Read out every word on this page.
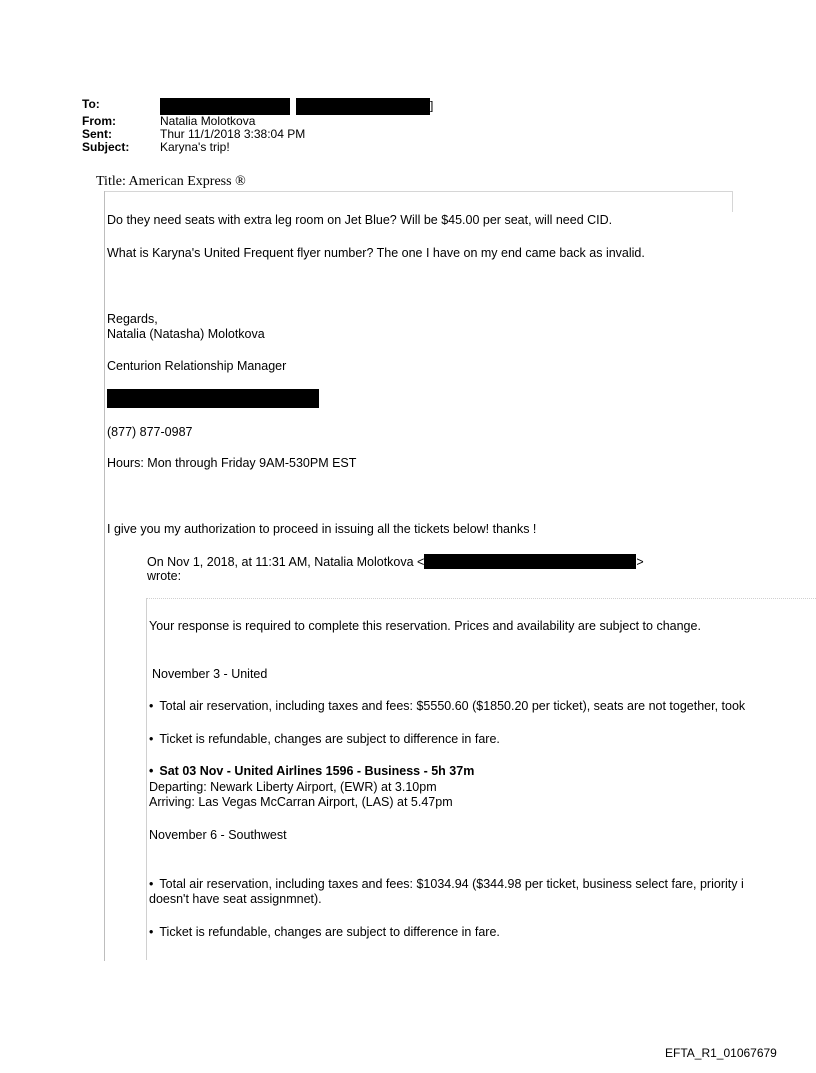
To:	]
From:	Natalia Molotkova
Sent:	Thur 11/1/2018 3:38:04 PM
Subject:	Karyna's trip!
Title: American Express ®
Do they need seats with extra leg room on Jet Blue? Will be $45.00 per seat, will need CID.
What is Karyna's United Frequent flyer number? The one I have on my end came back as invalid.
Regards,
Natalia (Natasha) Molotkova
Centurion Relationship Manager
(877) 877-0987
Hours: Mon through Friday 9AM-530PM EST
I give you my authorization to proceed in issuing all the tickets below! thanks !
On Nov 1, 2018, at 11:31 AM, Natalia Molotkova <	>
wrote:
Your response is required to complete this reservation. Prices and availability are subject to change.
November 3 - United
• Total air reservation, including taxes and fees: $5550.60 ($1850.20 per ticket), seats are not together, took
• Ticket is refundable, changes are subject to difference in fare.
• Sat 03 Nov - United Airlines 1596 - Business - 5h 37m
Departing: Newark Liberty Airport, (EWR) at 3.10pm
Arriving: Las Vegas McCarran Airport, (LAS) at 5.47pm
November 6 - Southwest
• Total air reservation, including taxes and fees: $1034.94 ($344.98 per ticket, business select fare, priority i
doesn't have seat assignmnet).
• Ticket is refundable, changes are subject to difference in fare.
EFTA_R1_01067679
